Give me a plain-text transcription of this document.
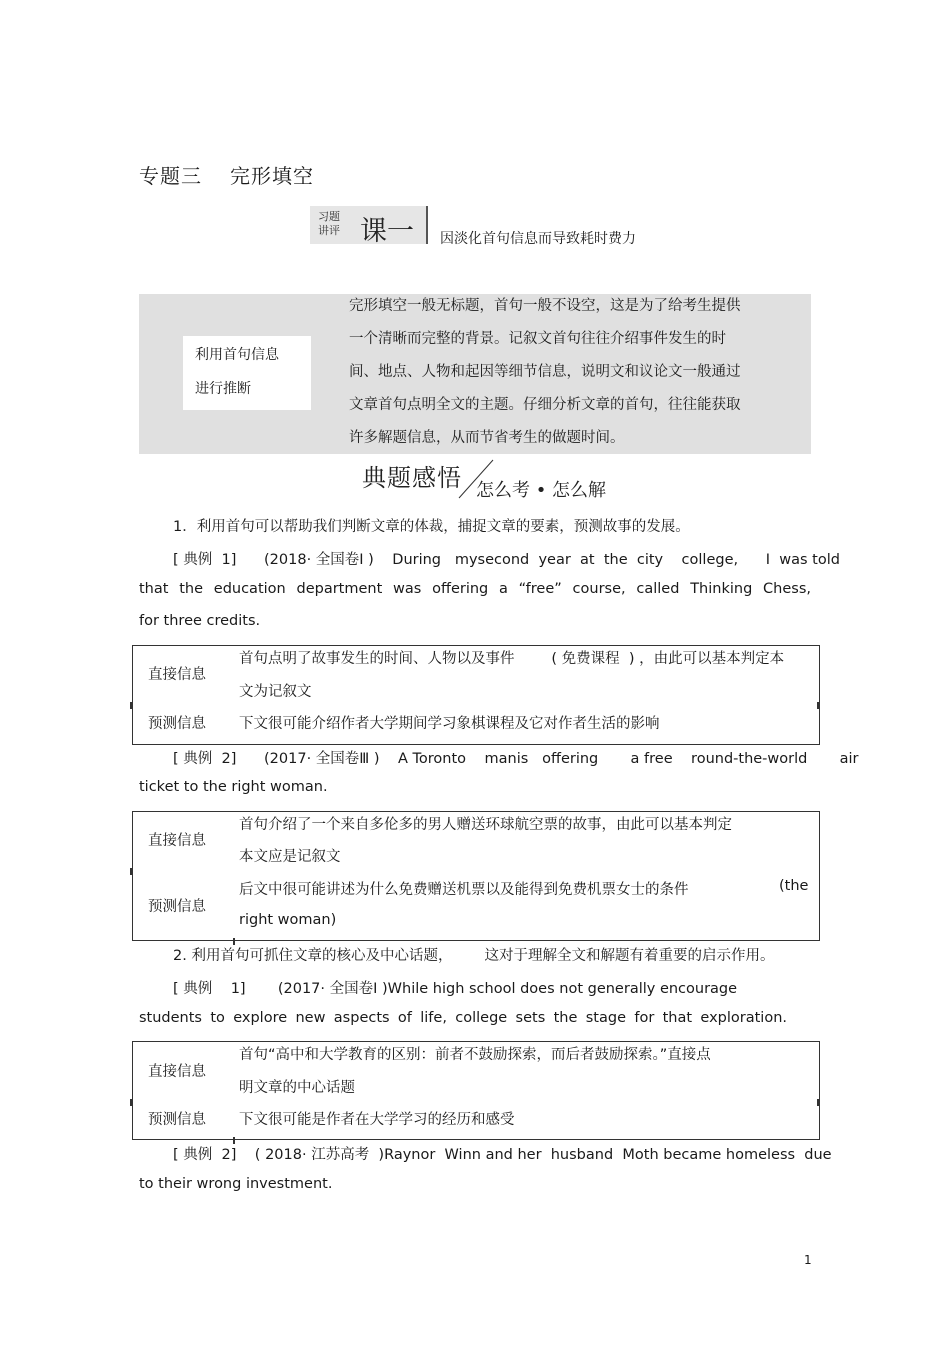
专题三 完形填空
习题
讲评 课一 因淡化首句信息而导致耗时费力
利用首句信息
进行推断
完形填空一般无标题，首句一般不设空，这是为了给考生提供
一个清晰而完整的背景。记叙文首句往往介绍事件发生的时
间、地点、人物和起因等细节信息，说明文和议论文一般通过
文章首句点明全文的主题。仔细分析文章的首句，往往能获取
许多解题信息，从而节省考生的做题时间。
典题感悟 怎么考 • 怎么解
1．利用首句可以帮助我们判断文章的体裁，捕捉文章的要素，预测故事的发展。
[ 典例  1]      (2018· 全国卷Ⅰ )    During   mysecond  year  at  the  city    college,      I  was told
that the education department was offering a “free” course, called Thinking Chess,
for three credits.
直接信息
首句点明了故事发生的时间、人物以及事件        ( 免费课程  ) ，由此可以基本判定本
文为记叙文
预测信息 下文很可能介绍作者大学期间学习象棋课程及它对作者生活的影响
[ 典例  2]      (2017· 全国卷Ⅲ )    A Toronto    manis   offering       a free    round-the-world       air
ticket to the right woman.
直接信息
首句介绍了一个来自多伦多的男人赠送环球航空票的故事，由此可以基本判定
本文应是记叙文
预测信息
后文中很可能讲述为什么免费赠送机票以及能得到免费机票女士的条件	(the
right woman)
2. 利用首句可抓住文章的核心及中心话题， 这对于理解全文和解题有着重要的启示作用。
[ 典例    1]       (2017· 全国卷Ⅰ )While high school does not generally encourage
students to explore new aspects of life, college sets the stage for that exploration.
直接信息
首句“高中和大学教育的区别：前者不鼓励探索，而后者鼓励探索。”直接点
明文章的中心话题
预测信息 下文很可能是作者在大学学习的经历和感受
[ 典例  2]    ( 2018· 江苏高考  )Raynor  Winn and her  husband  Moth became homeless  due
to their wrong investment.
1
